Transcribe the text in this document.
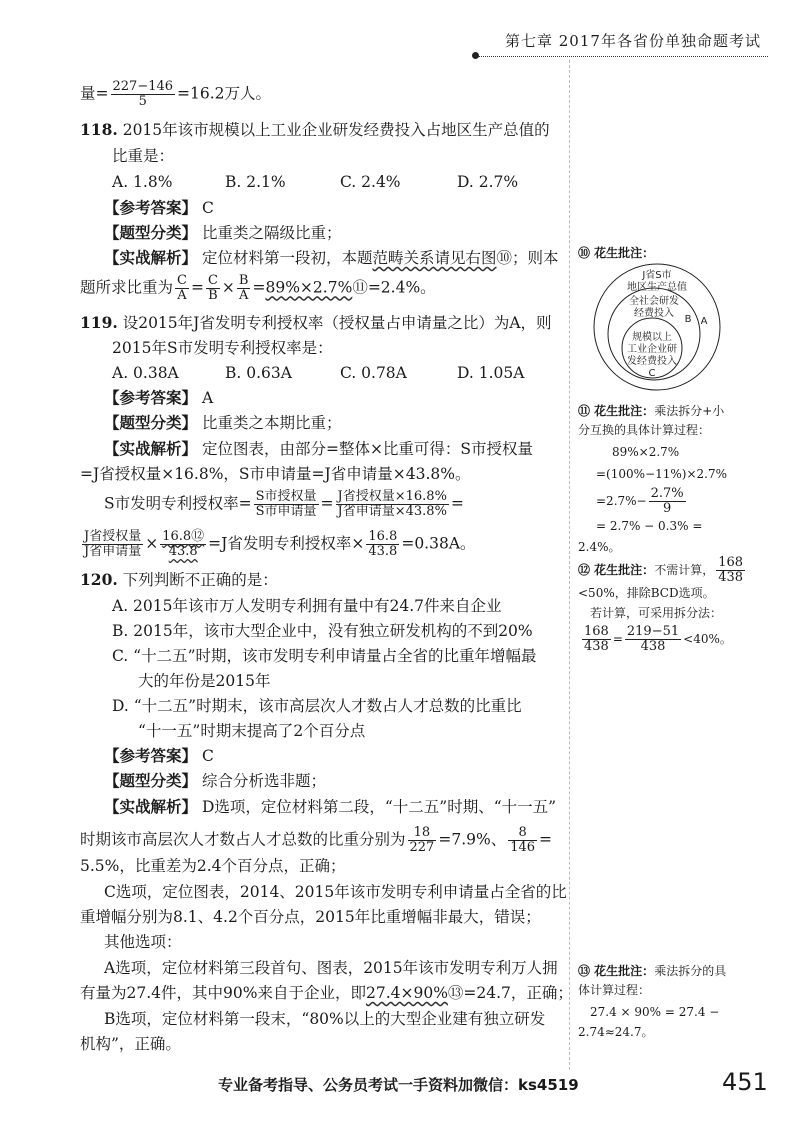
第七章 2017年各省份单独命题考试
量= $\frac{227-146}{5} =16.2$万人。
118. 2015年该市规模以上工业企业研发经费投入占地区生产总值的
比重是：
A. 1.8%	B. 2.1%	C. 2.4%	D. 2.7%
【参考答案】 C
【题型分类】 比重类之隔级比重；
【实战解析】 定位材料第一段初，本题范畴关系请见右图⑩；则本
题所求比重为 $\frac{C}{A} = \frac{C}{B} \times \frac{B}{A}$ =89%×2.7%⑪=2.4%。
119. 设2015年J省发明专利授权率（授权量占申请量之比）为A，则
2015年S市发明专利授权率是：
A. 0.38A	B. 0.63A	C. 0.78A	D. 1.05A
【参考答案】 A
【题型分类】 比重类之本期比重；
【实战解析】 定位图表，由部分=整体×比重可得：S市授权量
=J省授权量×16.8%，S市申请量=J省申请量×43.8%。
S市发明专利授权率= $\frac{\text{S市授权量}}{\text{S市申请量}} = \frac{\text{J省授权量×16.8\%}}{\text{J省申请量×43.8\%}}$ =
$\frac{\text{J省授权量}}{\text{J省申请量}} \times \frac{\text{16.8⑫}}{43.8} =J$省发明专利授权率× $\frac{16.8}{43.8} =0.38A$。
120. 下列判断不正确的是：
A. 2015年该市万人发明专利拥有量中有24.7件来自企业
B. 2015年，该市大型企业中，没有独立研发机构的不到20%
C. “十二五”时期，该市发明专利申请量占全省的比重年增幅最
大的年份是2015年
D. “十二五”时期末，该市高层次人才数占人才总数的比重比
“十一五”时期末提高了2个百分点
【参考答案】 C
【题型分类】 综合分析选非题；
【实战解析】 D选项，定位材料第二段，“十二五”时期、“十一五”
时期该市高层次人才数占人才总数的比重分别为 $\frac{18}{227} =7.9\%$、 $\frac{8}{146}$ =
5.5%，比重差为2.4个百分点，正确；
C选项，定位图表，2014、2015年该市发明专利申请量占全省的比
重增幅分别为8.1、4.2个百分点，2015年比重增幅非最大，错误；
其他选项：
A选项，定位材料第三段首句、图表，2015年该市发明专利万人拥
有量为27.4件，其中90%来自于企业，即27.4×90%⑬=24.7，正确；
B选项，定位材料第一段末，“80%以上的大型企业建有独立研发
机构”，正确。
⑩ 花生批注：
J省S市
地区生产总值
A
全社会研发
经费投入
B
规模以上
工业企业研
发经费投入
C
⑪ 花生批注：乘法拆分+小
分互换的具体计算过程：
89%×2.7%
=(100%−11%)×2.7%
$=2.7\%- \frac{2.7\%}{9}$
= 2.7% − 0.3% =
2.4%。
⑫ 花生批注：不需计算， $\frac{168}{438}$
<50%，排除BCD选项。
若计算，可采用拆分法：
$\frac{168}{438} = \frac{219-51}{438} <40\%$。
⑬ 花生批注：乘法拆分的具
体计算过程：
27.4 × 90% = 27.4 −
2.74≈24.7。
专业备考指导、公务员考试一手资料加微信：ks4519	451
